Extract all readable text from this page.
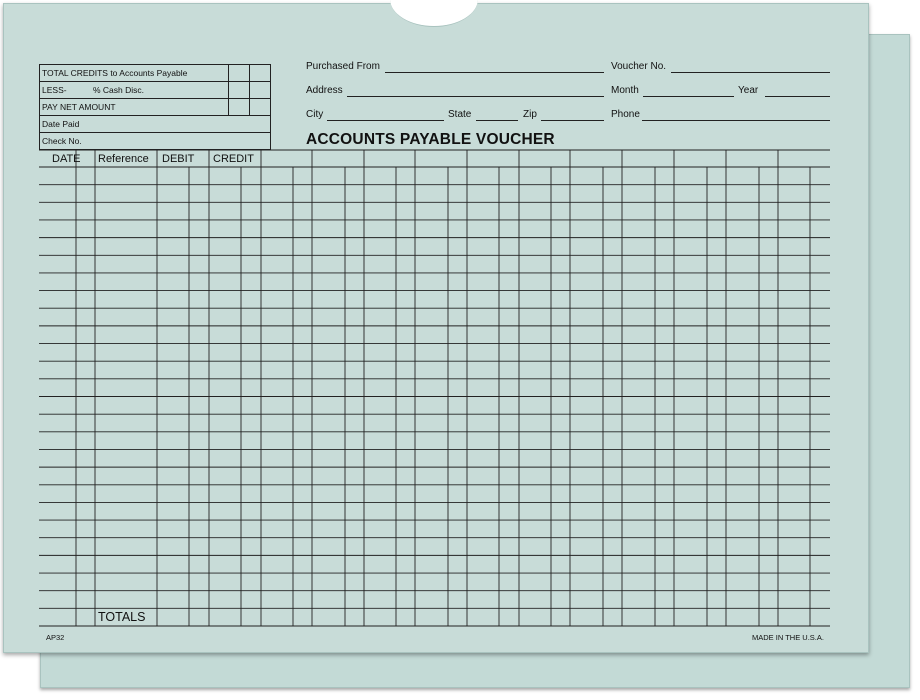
TOTAL CREDITS to Accounts Payable		
LESS- % Cash Disc.		
PAY NET AMOUNT		
Date Paid		
Check No.		
Purchased From	Voucher No.
Address	Month	Year
City	State	Zip	Phone
ACCOUNTS PAYABLE VOUCHER
DATE Reference DEBIT CREDIT
TOTALS
AP32	MADE IN THE U.S.A.
